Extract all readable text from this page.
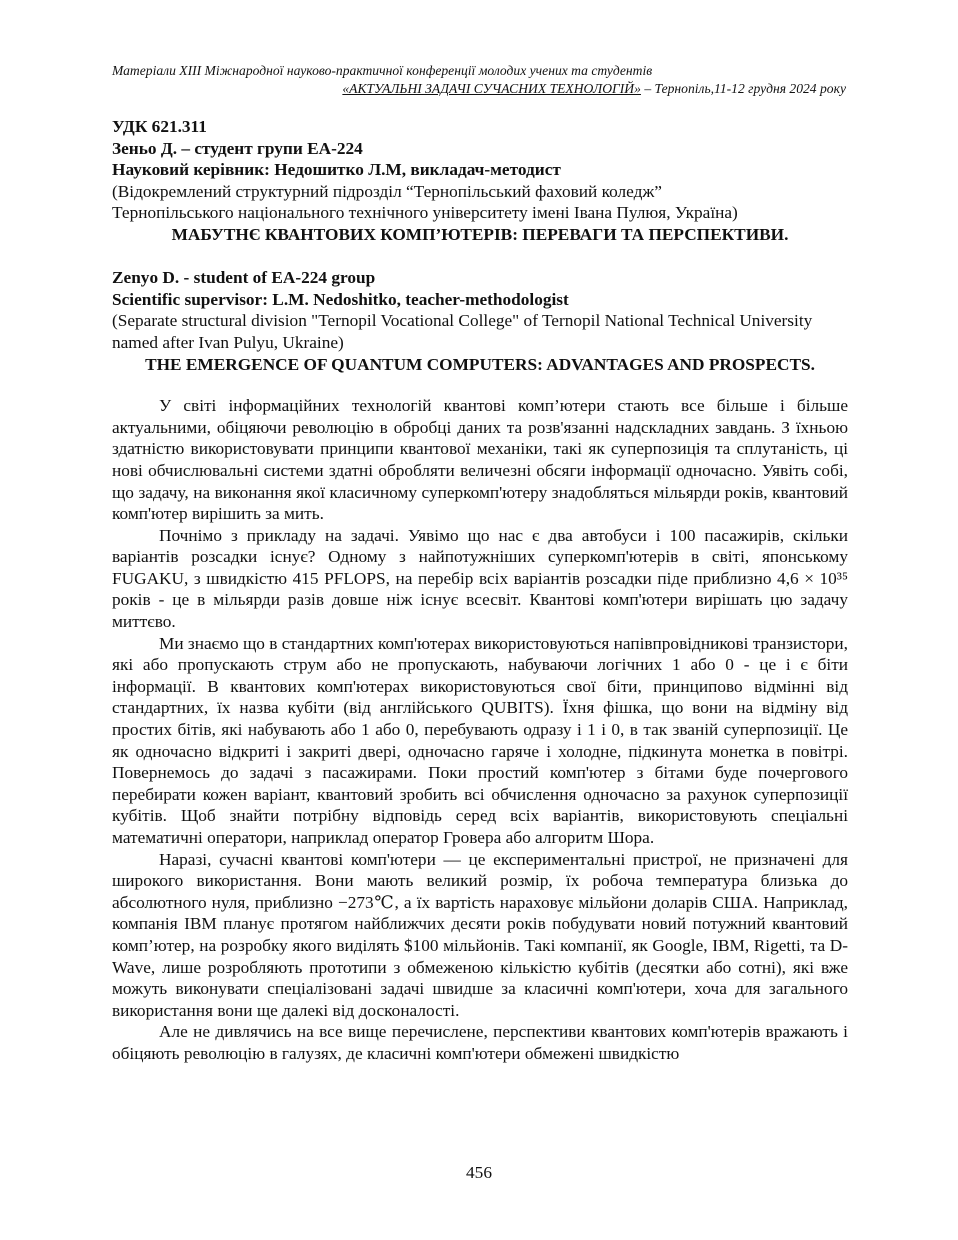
Матеріали XIII Міжнародної науково-практичної конференції молодих учених та студентів
«АКТУАЛЬНІ ЗАДАЧІ СУЧАСНИХ ТЕХНОЛОГІЙ» – Тернопіль,11-12 грудня 2024 року
УДК 621.311
Зеньо Д. – студент групи ЕА-224
Науковий керівник: Недошитко Л.М, викладач-методист
(Відокремлений структурний підрозділ “Тернопільський фаховий коледж”
Тернопільського національного технічного університету імені Івана Пулюя, Україна)
МАБУТНЄ КВАНТОВИХ КОМП’ЮТЕРІВ: ПЕРЕВАГИ ТА ПЕРСПЕКТИВИ.
Zenyo D. - student of EA-224 group
Scientific supervisor: L.M. Nedoshitko, teacher-methodologist
(Separate structural division "Ternopil Vocational College" of Ternopil National Technical University named after Ivan Pulyu, Ukraine)
THE EMERGENCE OF QUANTUM COMPUTERS: ADVANTAGES AND PROSPECTS.
У світі інформаційних технологій квантові комп’ютери стають все більше і більше актуальними, обіцяючи революцію в обробці даних та розв'язанні надскладних завдань. З їхньою здатністю використовувати принципи квантової механіки, такі як суперпозиція та сплутаність, ці нові обчислювальні системи здатні обробляти величезні обсяги інформації одночасно. Уявіть собі, що задачу, на виконання якої класичному суперкомп'ютеру знадобляться мільярди років, квантовий комп'ютер вирішить за мить.
Почнімо з прикладу на задачі. Уявімо що нас є два автобуси і 100 пасажирів, скільки варіантів розсадки існує? Одному з найпотужніших суперкомп'ютерів в світі, японському FUGAKU, з швидкістю 415 PFLOPS, на перебір всіх варіантів розсадки піде приблизно 4,6 × 10³⁵ років - це в мільярди разів довше ніж існує всесвіт. Квантові комп'ютери вирішать цю задачу миттєво.
Ми знаємо що в стандартних комп'ютерах використовуються напівпровідникові транзистори, які або пропускають струм або не пропускають, набуваючи логічних 1 або 0 - це і є біти інформації. В квантових комп'ютерах використовуються свої біти, принципово відмінні від стандартних, їх назва кубіти (від англійського QUBITS). Їхня фішка, що вони на відміну від простих бітів, які набувають або 1 або 0, перебувають одразу і 1 і 0, в так званій суперпозиції. Це як одночасно відкриті і закриті двері, одночасно гаряче і холодне, підкинута монетка в повітрі. Повернемось до задачі з пасажирами. Поки простий комп'ютер з бітами буде почергового перебирати кожен варіант, квантовий зробить всі обчислення одночасно за рахунок суперпозиції кубітів. Щоб знайти потрібну відповідь серед всіх варіантів, використовують спеціальні математичні оператори, наприклад оператор Гровера або алгоритм Шора.
Наразі, сучасні квантові комп'ютери — це експериментальні пристрої, не призначені для широкого використання. Вони мають великий розмір, їх робоча температура близька до абсолютного нуля, приблизно −273℃, а їх вартість нараховує мільйони доларів США. Наприклад, компанія IBM планує протягом найближчих десяти років побудувати новий потужний квантовий комп’ютер, на розробку якого виділять $100 мільйонів. Такі компанії, як Google, IBM, Rigetti, та D-Wave, лише розробляють прототипи з обмеженою кількістю кубітів (десятки або сотні), які вже можуть виконувати спеціалізовані задачі швидше за класичні комп'ютери, хоча для загального використання вони ще далекі від досконалості.
Але не дивлячись на все вище перечислене, перспективи квантових комп'ютерів вражають і обіцяють революцію в галузях, де класичні комп'ютери обмежені швидкістю
456
